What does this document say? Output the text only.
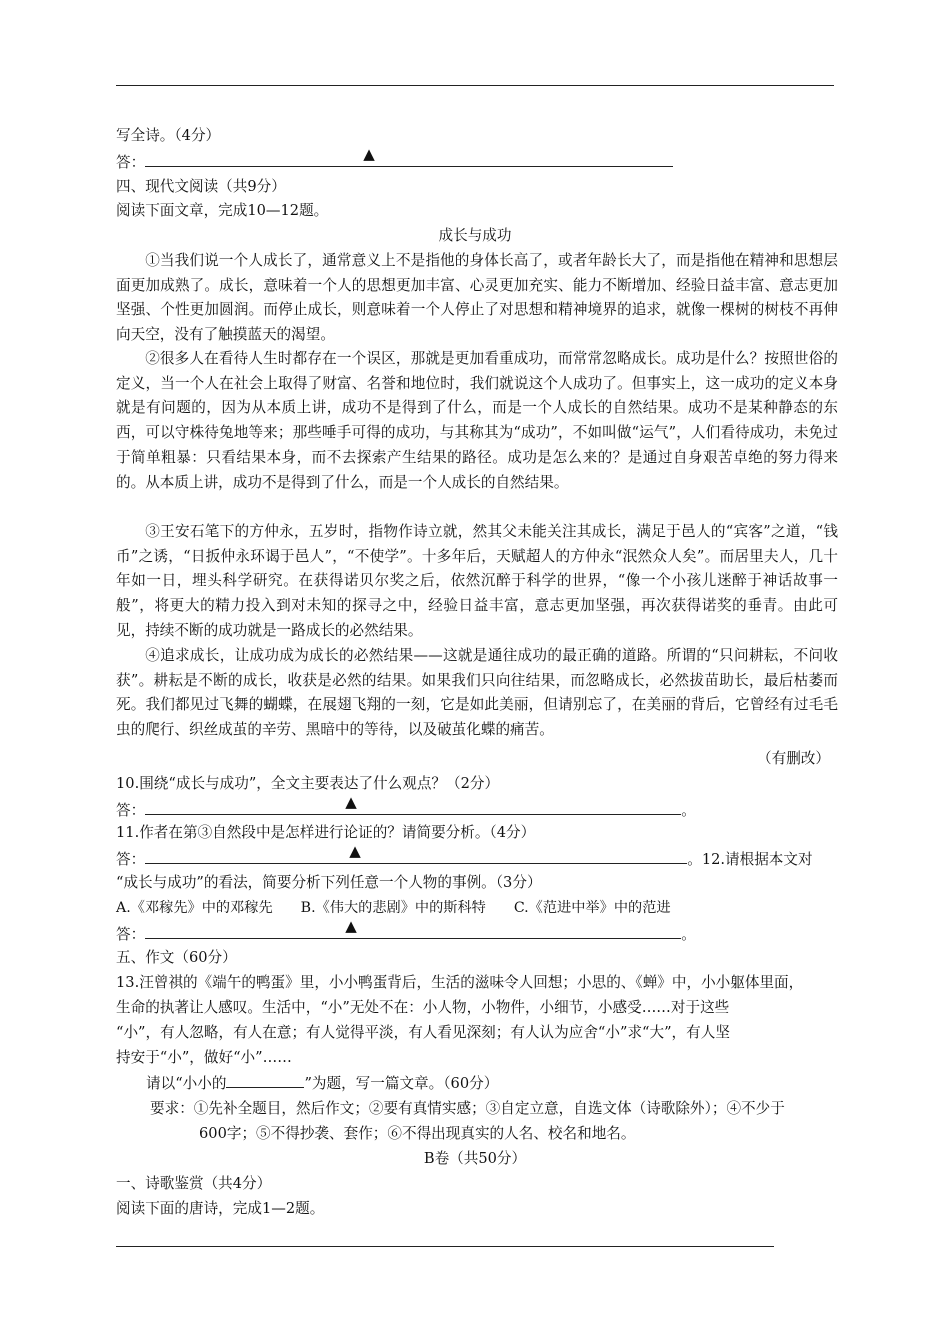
写全诗。（4分）
答：	▲
四、现代文阅读（共9分）
阅读下面文章，完成10—12题。
成长与成功
①当我们说一个人成长了，通常意义上不是指他的身体长高了，或者年龄长大了，而是指他在精神和思想层面更加成熟了。成长，意味着一个人的思想更加丰富、心灵更加充实、能力不断增加、经验日益丰富、意志更加坚强、个性更加圆润。而停止成长，则意味着一个人停止了对思想和精神境界的追求，就像一棵树的树枝不再伸向天空，没有了触摸蓝天的渴望。
②很多人在看待人生时都存在一个误区，那就是更加看重成功，而常常忽略成长。成功是什么？按照世俗的定义，当一个人在社会上取得了财富、名誉和地位时，我们就说这个人成功了。但事实上，这一成功的定义本身就是有问题的，因为从本质上讲，成功不是得到了什么，而是一个人成长的自然结果。成功不是某种静态的东西，可以守株待兔地等来；那些唾手可得的成功，与其称其为“成功”，不如叫做“运气”，人们看待成功，未免过于简单粗暴：只看结果本身，而不去探索产生结果的路径。成功是怎么来的？是通过自身艰苦卓绝的努力得来的。从本质上讲，成功不是得到了什么，而是一个人成长的自然结果。
③王安石笔下的方仲永，五岁时，指物作诗立就，然其父未能关注其成长，满足于邑人的“宾客”之道，“钱币”之诱，“日扳仲永环谒于邑人”，“不使学”。十多年后，天赋超人的方仲永“泯然众人矣”。而居里夫人，几十年如一日，埋头科学研究。在获得诺贝尔奖之后，依然沉醉于科学的世界，“像一个小孩儿迷醉于神话故事一般”，将更大的精力投入到对未知的探寻之中，经验日益丰富，意志更加坚强，再次获得诺奖的垂青。由此可见，持续不断的成功就是一路成长的必然结果。
④追求成长，让成功成为成长的必然结果——这就是通往成功的最正确的道路。所谓的“只问耕耘，不问收获”。耕耘是不断的成长，收获是必然的结果。如果我们只向往结果，而忽略成长，必然拔苗助长，最后枯萎而死。我们都见过飞舞的蝴蝶，在展翅飞翔的一刻，它是如此美丽，但请别忘了，在美丽的背后，它曾经有过毛毛虫的爬行、织丝成茧的辛劳、黑暗中的等待，以及破茧化蝶的痛苦。
（有删改）
10.围绕“成长与成功”，全文主要表达了什么观点？（2分）
答：	▲	。
11.作者在第③自然段中是怎样进行论证的？请简要分析。（4分）
答：	▲	。12.请根据本文对
“成长与成功”的看法，简要分析下列任意一个人物的事例。（3分）
A.《邓稼先》中的邓稼先 B.《伟大的悲剧》中的斯科特 C.《范进中举》中的范进
答：	▲	。
五、作文（60分）
13.汪曾祺的《端午的鸭蛋》里，小小鸭蛋背后，生活的滋味令人回想；小思的、《蝉》中，小小躯体里面，
生命的执著让人感叹。生活中，“小”无处不在：小人物，小物件，小细节，小感受……对于这些
“小”，有人忽略，有人在意；有人觉得平淡，有人看见深刻；有人认为应舍“小”求“大”，有人坚
持安于“小”，做好“小”……
请以“小小的	”为题，写一篇文章。（60分）
要求：①先补全题目，然后作文；②要有真情实感；③自定立意，自选文体（诗歌除外）；④不少于
600字；⑤不得抄袭、套作；⑥不得出现真实的人名、校名和地名。
B卷（共50分）
一、诗歌鉴赏（共4分）
阅读下面的唐诗，完成1—2题。
